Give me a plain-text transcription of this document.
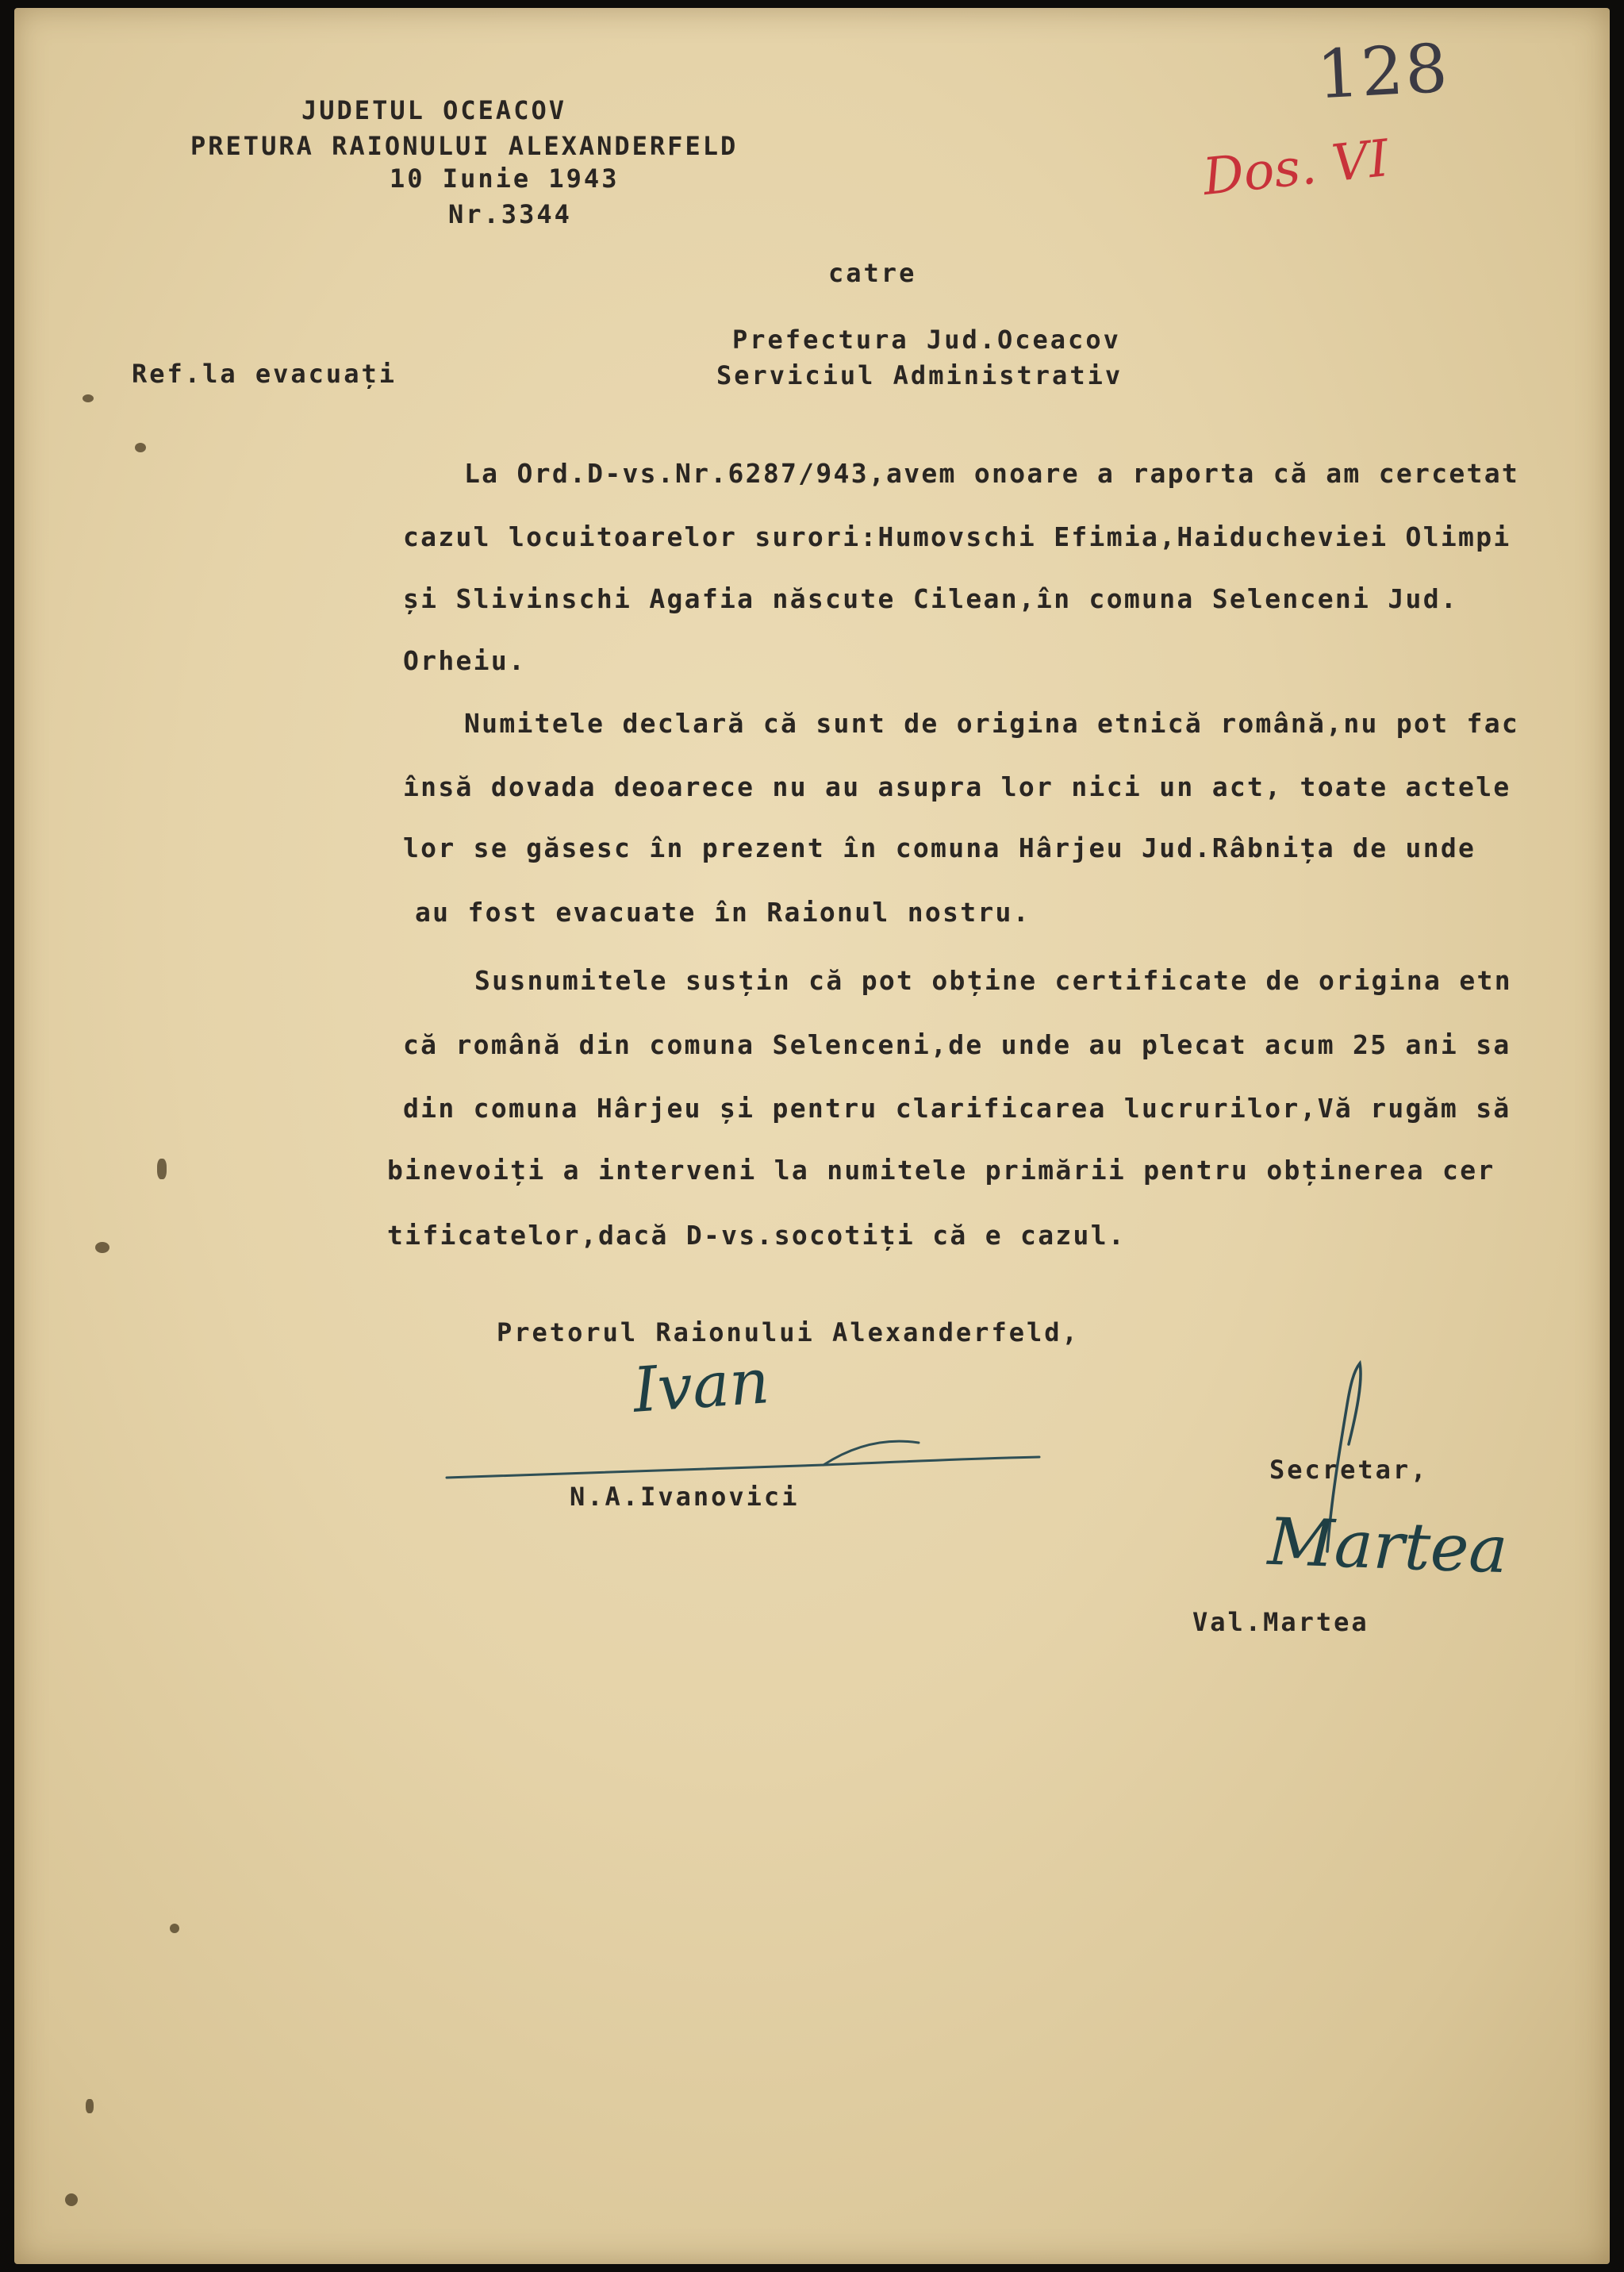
JUDETUL OCEACOV

PRETURA RAIONULUI ALEXANDERFELD

10 Iunie 1943

Nr.3344

128
Dos. VI

catre

Prefectura Jud.Oceacov

Serviciul Administrativ

Ref.la evacuați

La Ord.D-vs.Nr.6287/943,avem onoare a raporta că am cercetat

cazul locuitoarelor surori:Humovschi Efimia,Haiducheviei Olimpi

și Slivinschi Agafia născute Cilean,în comuna Selenceni Jud.

Orheiu.

Numitele declară că sunt de origina etnică română,nu pot fac

însă dovada deoarece nu au asupra lor nici un act, toate actele

lor se găsesc în prezent în comuna Hârjeu Jud.Râbnița de unde

au fost evacuate în Raionul nostru.

Susnumitele susțin că pot obține certificate de origina etn

că română din comuna Selenceni,de unde au plecat acum 25 ani sa

din comuna Hârjeu și pentru clarificarea lucrurilor,Vă rugăm să

binevoiți a interveni la numitele primării pentru obținerea cer

tificatelor,dacă D-vs.socotiți că e cazul.

Pretorul Raionului Alexanderfeld,

Ivan

N.A.Ivanovici

Secretar,

Martea

Val.Martea
